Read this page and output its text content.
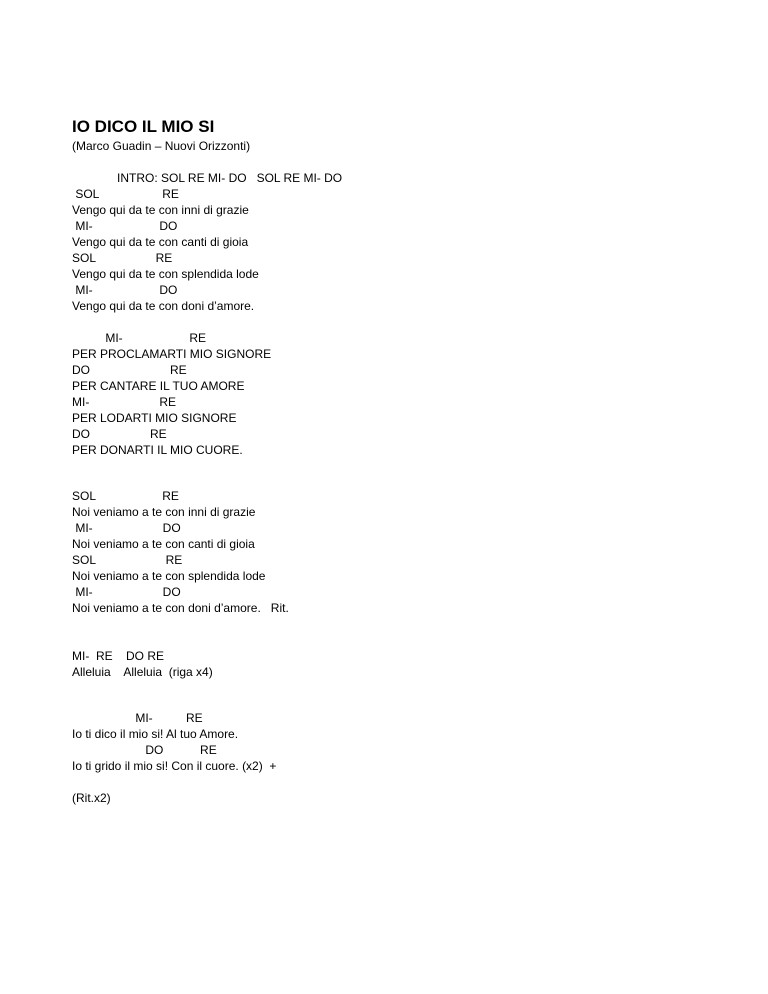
IO DICO IL MIO SI
(Marco Guadin – Nuovi Orizzonti)
INTRO: SOL RE MI- DO   SOL RE MI- DO
SOL                   RE
Vengo qui da te con inni di grazie
MI-                    DO
Vengo qui da te con canti di gioia
SOL                  RE
Vengo qui da te con splendida lode
MI-                    DO
Vengo qui da te con doni d’amore.
MI-                    RE
PER PROCLAMARTI MIO SIGNORE
DO                        RE
PER CANTARE IL TUO AMORE
MI-                     RE
PER LODARTI MIO SIGNORE
DO                  RE
PER DONARTI IL MIO CUORE.
SOL                    RE
Noi veniamo a te con inni di grazie
MI-                     DO
Noi veniamo a te con canti di gioia
SOL                     RE
Noi veniamo a te con splendida lode
MI-                     DO
Noi veniamo a te con doni d’amore.   Rit.
MI-  RE    DO RE
Alleluia    Alleluia  (riga x4)
MI-          RE
Io ti dico il mio si! Al tuo Amore.
DO           RE
Io ti grido il mio si! Con il cuore. (x2)  +
(Rit.x2)
